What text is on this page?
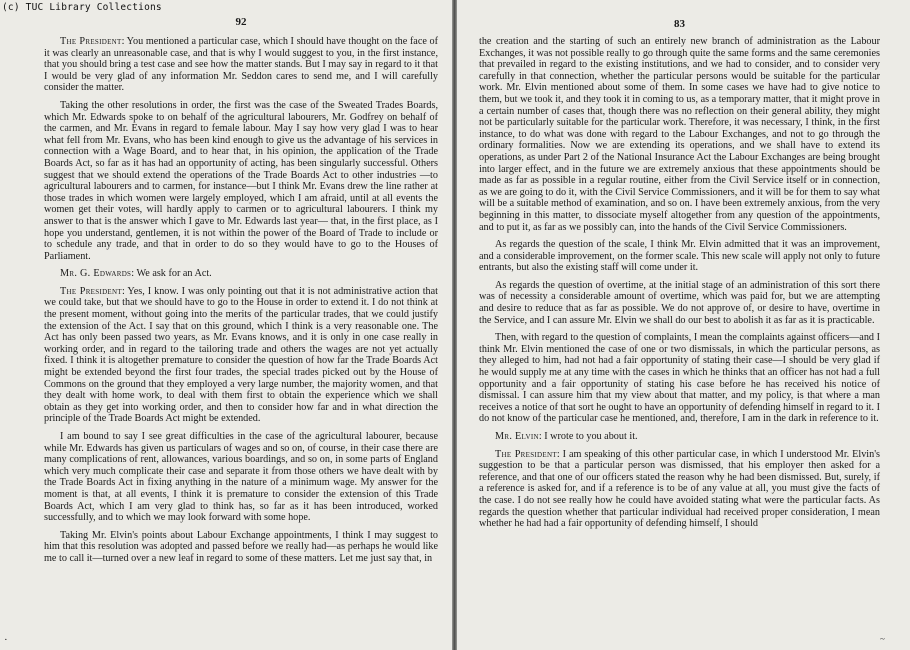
92

The President: You mentioned a particular case, which I should have thought on the face of it was clearly an unreasonable case, and that is why I would suggest to you, in the first instance, that you should bring a test case and see how the matter stands. But I may say in regard to it that I would be very glad of any information Mr. Seddon cares to send me, and I will carefully consider the matter.

Taking the other resolutions in order, the first was the case of the Sweated Trades Boards, which Mr. Edwards spoke to on behalf of the agricultural labourers, Mr. Godfrey on behalf of the carmen, and Mr. Evans in regard to female labour. May I say how very glad I was to hear what fell from Mr. Evans, who has been kind enough to give us the advantage of his services in connection with a Wage Board, and to hear that, in his opinion, the application of the Trade Boards Act, so far as it has had an opportunity of acting, has been singularly successful. Others suggest that we should extend the operations of the Trade Boards Act to other industries —to agricultural labourers and to carmen, for instance—but I think Mr. Evans drew the line rather at those trades in which women were largely employed, which I am afraid, until at all events the women get their votes, will hardly apply to carmen or to agricultural labourers. I think my answer to that is the answer which I gave to Mr. Edwards last year— that, in the first place, as I hope you understand, gentlemen, it is not within the power of the Board of Trade to include or to schedule any trade, and that in order to do so they would have to go to the Houses of Parliament.

Mr. G. Edwards: We ask for an Act.

The President: Yes, I know. I was only pointing out that it is not administrative action that we could take, but that we should have to go to the House in order to extend it. I do not think at the present moment, without going into the merits of the particular trades, that we could justify the extension of the Act. I say that on this ground, which I think is a very reasonable one. The Act has only been passed two years, as Mr. Evans knows, and it is only in one case really in working order, and in regard to the tailoring trade and others the wages are not yet actually fixed. I think it is altogether premature to consider the question of how far the Trade Boards Act might be extended beyond the first four trades, the special trades picked out by the House of Commons on the ground that they employed a very large number, the majority women, and that they dealt with home work, to deal with them first to obtain the experience which we shall obtain as they get into working order, and then to consider how far and in what direction the principle of the Trade Boards Act might be extended.

I am bound to say I see great difficulties in the case of the agricultural labourer, because while Mr. Edwards has given us particulars of wages and so on, of course, in their case there are many complications of rent, allowances, various boardings, and so on, in some parts of England which very much complicate their case and separate it from those others we have dealt with by the Trade Boards Act in fixing anything in the nature of a minimum wage. My answer for the moment is that, at all events, I think it is premature to consider the extension of this Trade Boards Act, which I am very glad to think has, so far as it has been introduced, worked successfully, and to which we may look forward with some hope.

Taking Mr. Elvin's points about Labour Exchange appointments, I think I may suggest to him that this resolution was adopted and passed before we really had—as perhaps he would like me to call it—turned over a new leaf in regard to some of these matters. Let me just say that, in

83

the creation and the starting of such an entirely new branch of administration as the Labour Exchanges, it was not possible really to go through quite the same forms and the same ceremonies that prevailed in regard to the existing institutions, and we had to consider, and to consider very carefully in that connection, whether the particular persons would be suitable for the particular work. Mr. Elvin mentioned about some of them. In some cases we have had to give notice to them, but we took it, and they took it in coming to us, as a temporary matter, that it might prove in a certain number of cases that, though there was no reflection on their general ability, they might not be particularly suitable for the particular work. Therefore, it was necessary, I think, in the first instance, to do what was done with regard to the Labour Exchanges, and not to go through the ordinary formalities. Now we are extending its operations, and we shall have to extend its operations, as under Part 2 of the National Insurance Act the Labour Exchanges are being brought into larger effect, and in the future we are extremely anxious that these appointments should be made as far as possible in a regular routine, either from the Civil Service itself or in connection, as we are going to do it, with the Civil Service Commissioners, and it will be for them to say what will be a suitable method of examination, and so on. I have been extremely anxious, from the very beginning in this matter, to dissociate myself altogether from any question of the appointments, and to put it, as far as we possibly can, into the hands of the Civil Service Commissioners.

As regards the question of the scale, I think Mr. Elvin admitted that it was an improvement, and a considerable improvement, on the former scale. This new scale will apply not only to future entrants, but also the existing staff will come under it.

As regards the question of overtime, at the initial stage of an administration of this sort there was of necessity a considerable amount of overtime, which was paid for, but we are attempting and desire to reduce that as far as possible. We do not approve of, or desire to have, overtime in the Service, and I can assure Mr. Elvin we shall do our best to abolish it as far as it is practicable.

Then, with regard to the question of complaints, I mean the complaints against officers—and I think Mr. Elvin mentioned the case of one or two dismissals, in which the particular persons, as they alleged to him, had not had a fair opportunity of stating their case—I should be very glad if he would supply me at any time with the cases in which he thinks that an officer has not had a full opportunity and a fair opportunity of stating his case before he has received his notice of dismissal. I can assure him that my view about that matter, and my policy, is that where a man receives a notice of that sort he ought to have an opportunity of defending himself in regard to it. I do not know of the particular case he mentioned, and, therefore, I am in the dark in reference to it.

Mr. Elvin: I wrote to you about it.

The President: I am speaking of this other particular case, in which I understood Mr. Elvin's suggestion to be that a particular person was dismissed, that his employer then asked for a reference, and that one of our officers stated the reason why he had been dismissed. But, surely, if a reference is asked for, and if a reference is to be of any value at all, you must give the facts of the case. I do not see really how he could have avoided stating what were the particular facts. As regards the question whether that particular individual had received proper consideration, I mean whether he had had a fair opportunity of defending himself, I should

(c) TUC Library Collections
·	~
